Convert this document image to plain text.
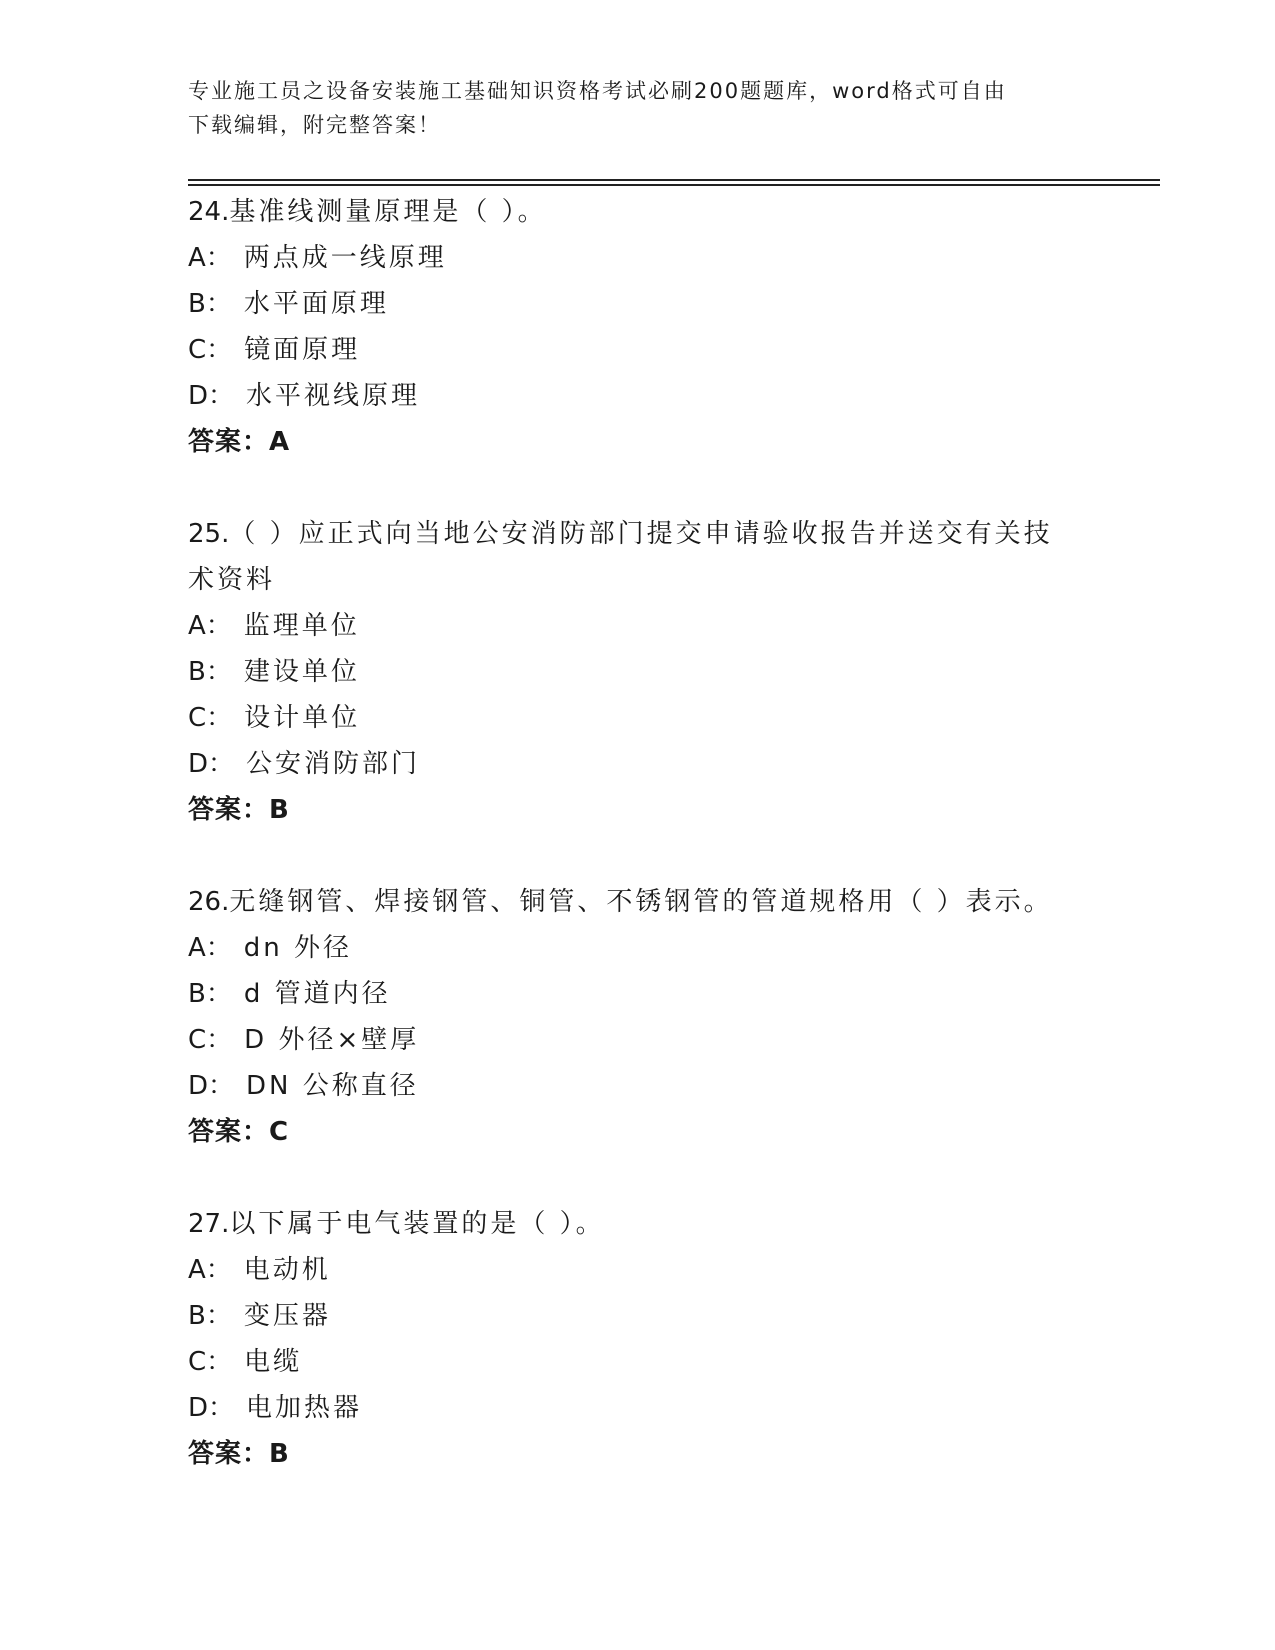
专业施工员之设备安装施工基础知识资格考试必刷200题题库，word格式可自由
下载编辑，附完整答案！

24.基准线测量原理是（ ）。

A： 两点成一线原理

B： 水平面原理

C： 镜面原理

D： 水平视线原理

答案：A

25.（ ）应正式向当地公安消防部门提交申请验收报告并送交有关技

术资料

A： 监理单位

B： 建设单位

C： 设计单位

D： 公安消防部门

答案：B

26.无缝钢管、焊接钢管、铜管、不锈钢管的管道规格用（ ）表示。

A： dn 外径

B： d 管道内径

C： D 外径×壁厚

D： DN 公称直径

答案：C

27.以下属于电气装置的是（ ）。

A： 电动机

B： 变压器

C： 电缆

D： 电加热器

答案：B
